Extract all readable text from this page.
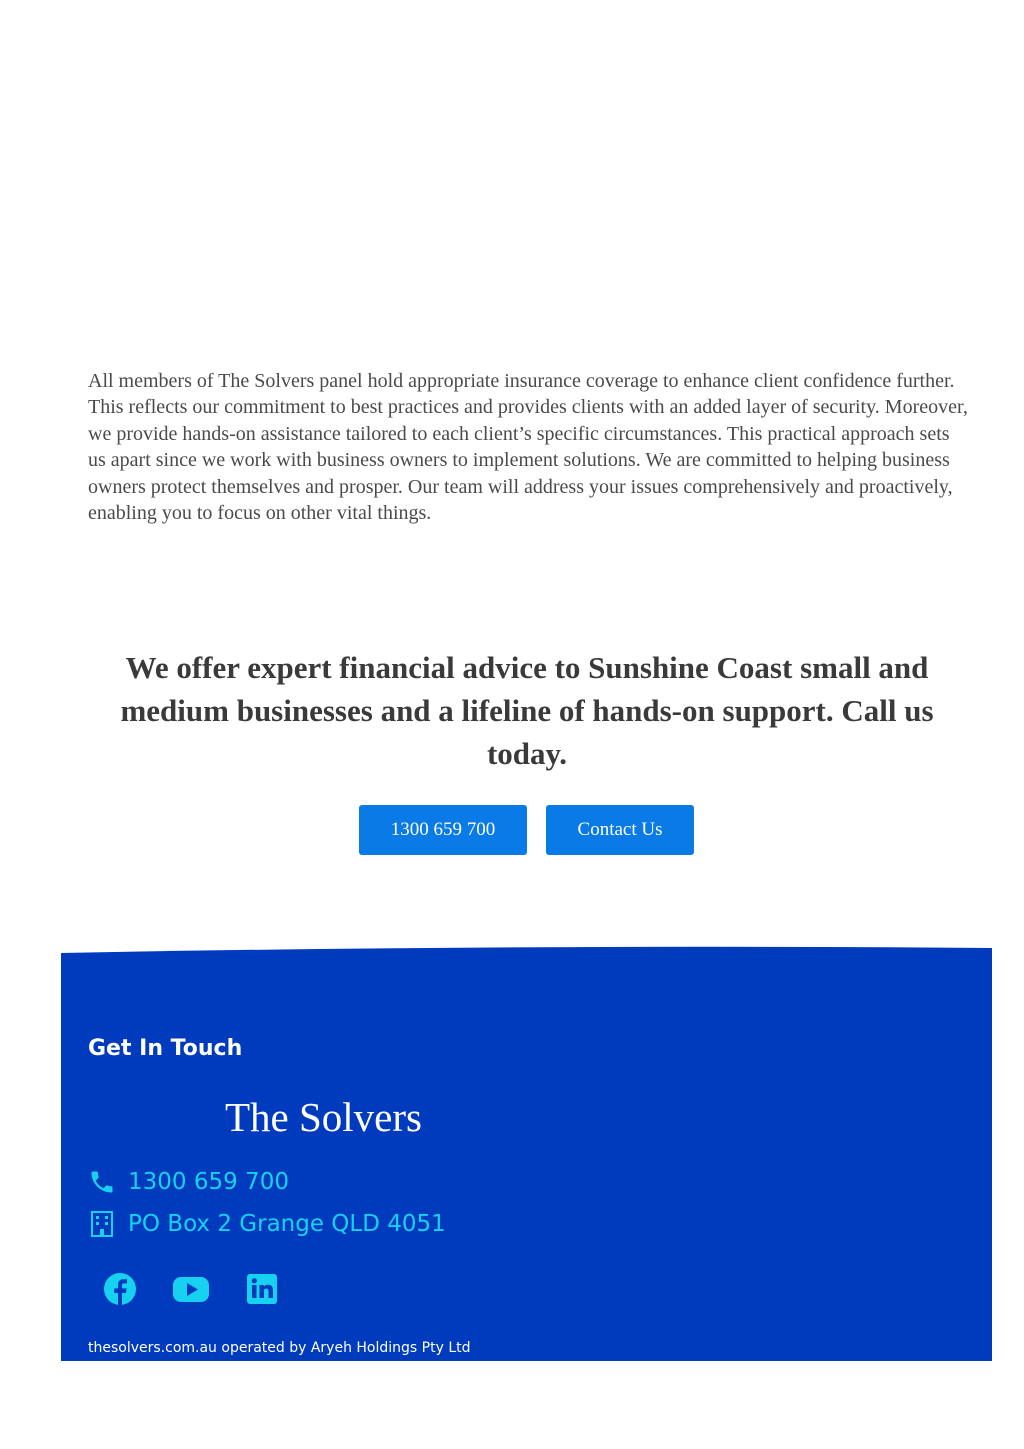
All members of The Solvers panel hold appropriate insurance coverage to enhance client confidence further. This reflects our commitment to best practices and provides clients with an added layer of security. Moreover, we provide hands-on assistance tailored to each client’s specific circumstances. This practical approach sets us apart since we work with business owners to implement solutions. We are committed to helping business owners protect themselves and prosper. Our team will address your issues comprehensively and proactively, enabling you to focus on other vital things.

We offer expert financial advice to Sunshine Coast small and medium businesses and a lifeline of hands-on support. Call us today.
1300 659 700	Contact Us
Get In Touch
The Solvers
1300 659 700
PO Box 2 Grange QLD 4051
thesolvers.com.au operated by Aryeh Holdings Pty Ltd
